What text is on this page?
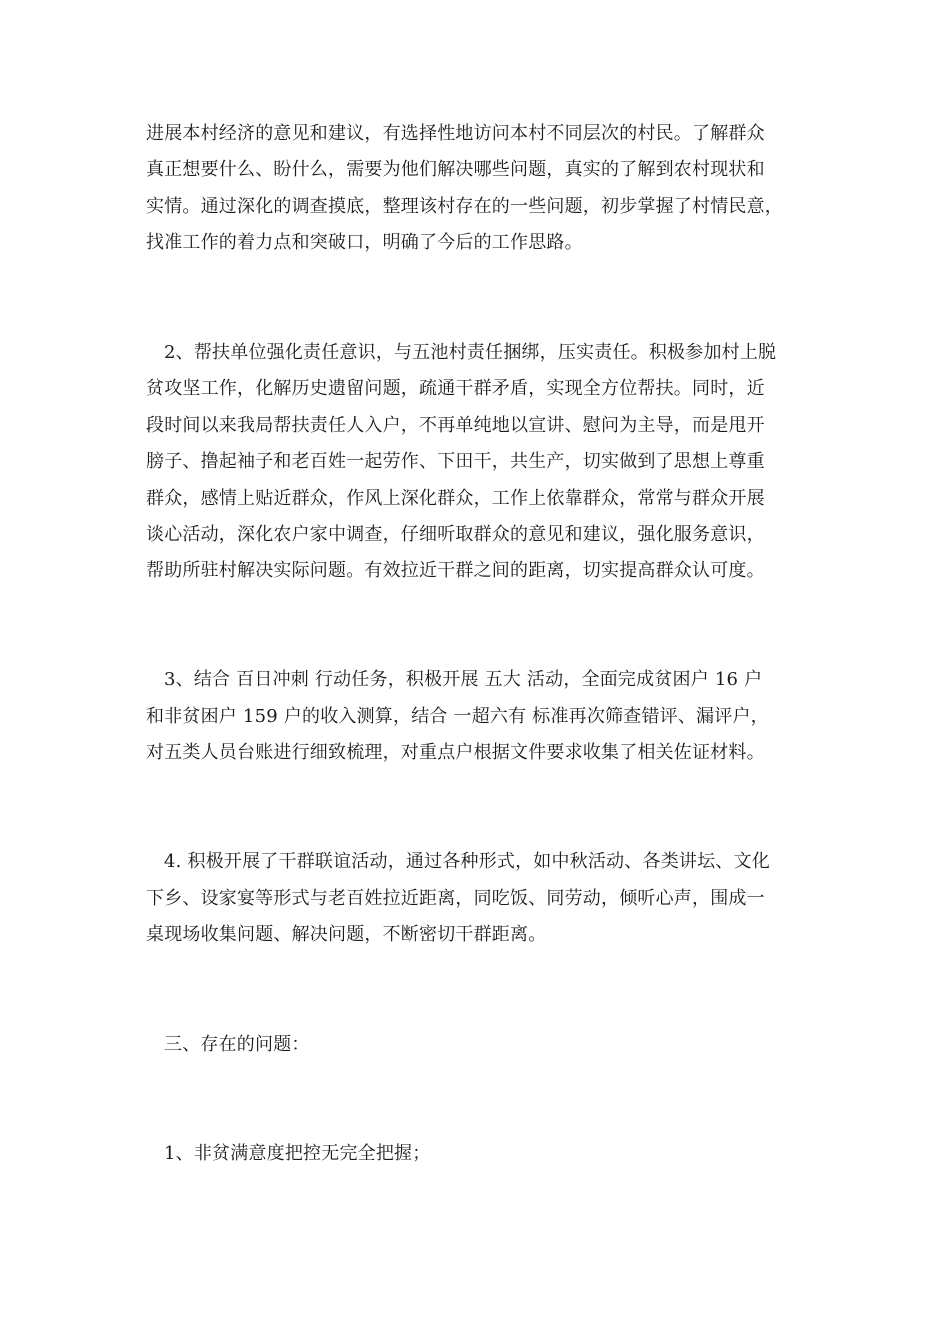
进展本村经济的意见和建议，有选择性地访问本村不同层次的村民。了解群众
真正想要什么、盼什么，需要为他们解决哪些问题，真实的了解到农村现状和
实情。通过深化的调查摸底，整理该村存在的一些问题，初步掌握了村情民意，
找准工作的着力点和突破口，明确了今后的工作思路。
2、帮扶单位强化责任意识，与五池村责任捆绑，压实责任。积极参加村上脱
贫攻坚工作，化解历史遗留问题，疏通干群矛盾，实现全方位帮扶。同时，近
段时间以来我局帮扶责任人入户，不再单纯地以宣讲、慰问为主导，而是甩开
膀子、撸起袖子和老百姓一起劳作、下田干，共生产，切实做到了思想上尊重
群众，感情上贴近群众，作风上深化群众，工作上依靠群众，常常与群众开展
谈心活动，深化农户家中调查，仔细听取群众的意见和建议，强化服务意识，
帮助所驻村解决实际问题。有效拉近干群之间的距离，切实提高群众认可度。
3、结合 百日冲刺 行动任务，积极开展 五大 活动，全面完成贫困户 16 户
和非贫困户 159 户的收入测算，结合 一超六有 标准再次筛查错评、漏评户，
对五类人员台账进行细致梳理，对重点户根据文件要求收集了相关佐证材料。
4. 积极开展了干群联谊活动，通过各种形式，如中秋活动、各类讲坛、文化
下乡、设家宴等形式与老百姓拉近距离，同吃饭、同劳动，倾听心声，围成一
桌现场收集问题、解决问题，不断密切干群距离。
三、存在的问题：
1、非贫满意度把控无完全把握；
